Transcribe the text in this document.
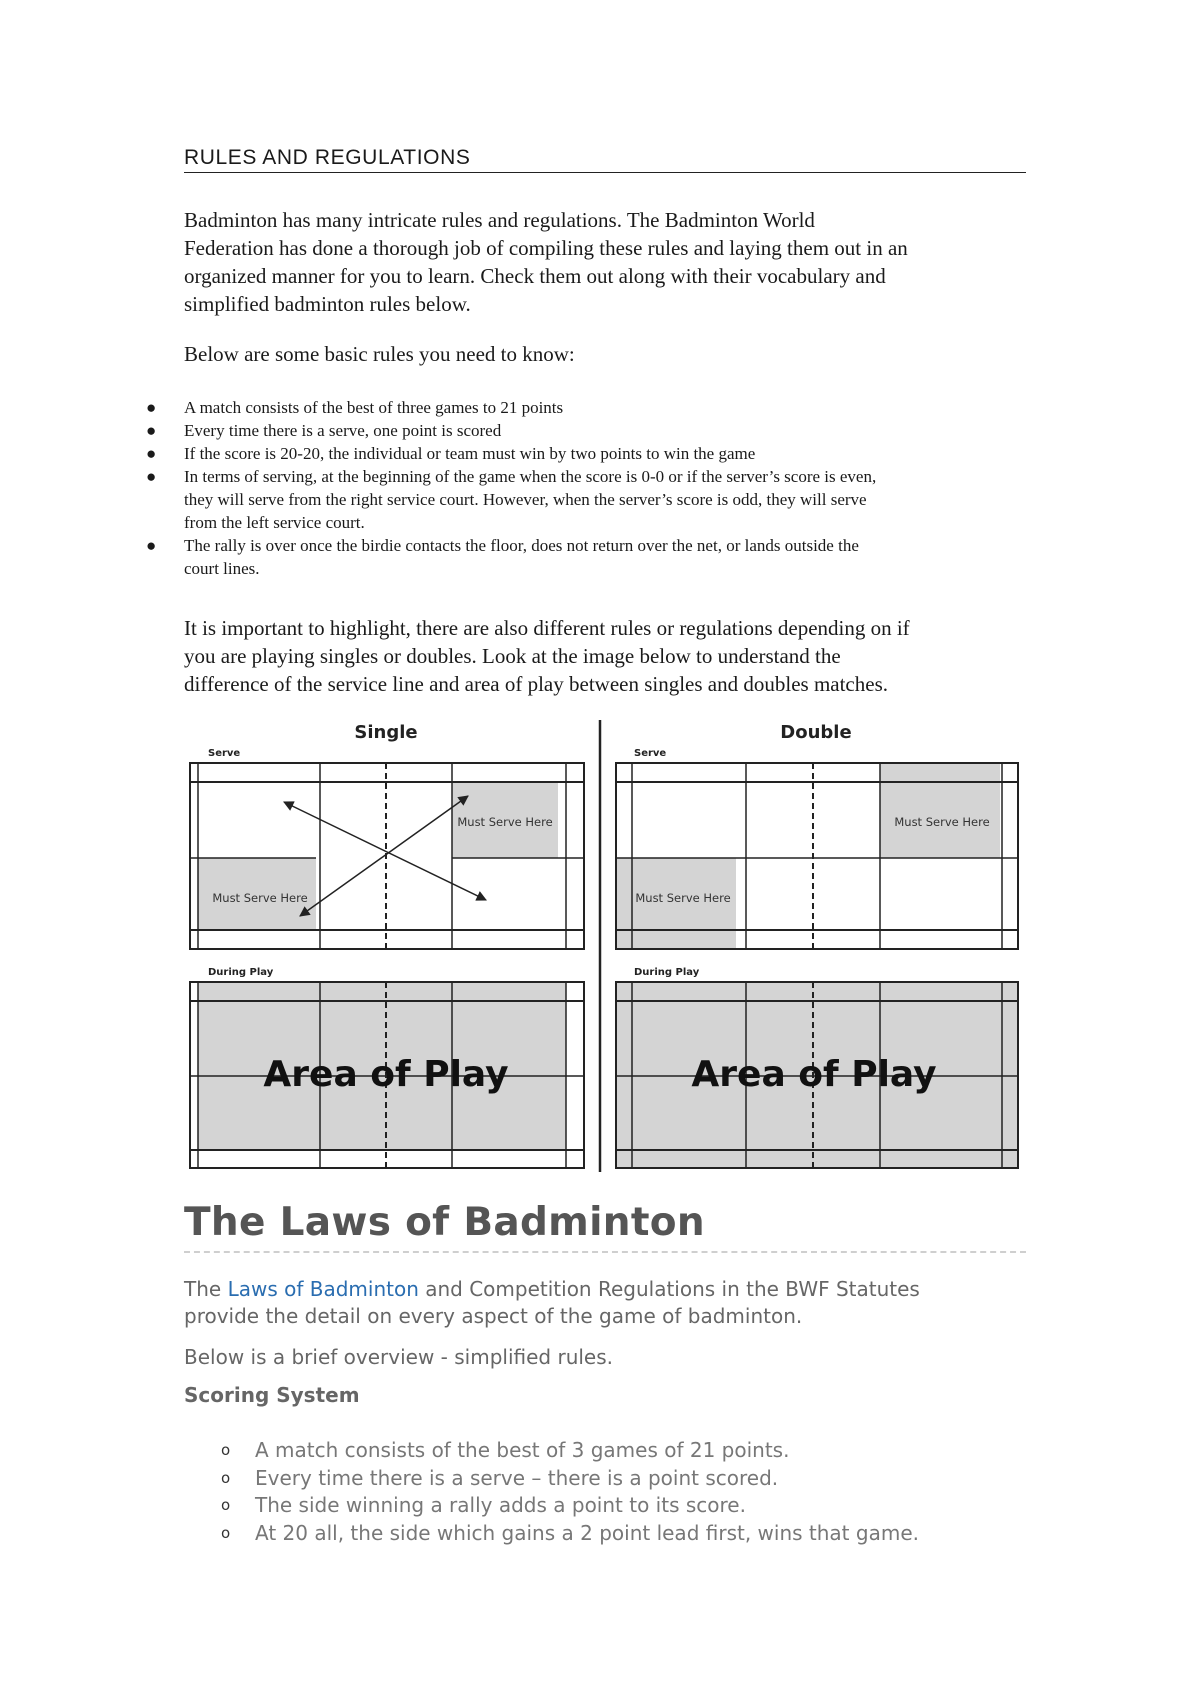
RULES AND REGULATIONS
Badminton has many intricate rules and regulations. The Badminton World
Federation has done a thorough job of compiling these rules and laying them out in an
organized manner for you to learn. Check them out along with their vocabulary and
simplified badminton rules below.

Below are some basic rules you need to know:

● A match consists of the best of three games to 21 points
● Every time there is a serve, one point is scored
● If the score is 20-20, the individual or team must win by two points to win the game
● In terms of serving, at the beginning of the game when the score is 0-0 or if the server’s score is even,
they will serve from the right service court. However, when the server’s score is odd, they will serve
from the left service court.
● The rally is over once the birdie contacts the floor, does not return over the net, or lands outside the
court lines.
It is important to highlight, there are also different rules or regulations depending on if
you are playing singles or doubles. Look at the image below to understand the
difference of the service line and area of play between singles and doubles matches.
Single	Double
Serve	Serve
During Play	During Play
Must Serve Here
Must Serve Here
Must Serve Here
Must Serve Here
Area of Play	Area of Play
The Laws of Badminton
The Laws of Badminton and Competition Regulations in the BWF Statutes
provide the detail on every aspect of the game of badminton.

Below is a brief overview - simplified rules.

Scoring System
o A match consists of the best of 3 games of 21 points.
o Every time there is a serve – there is a point scored.
o The side winning a rally adds a point to its score.
o At 20 all, the side which gains a 2 point lead first, wins that game.
